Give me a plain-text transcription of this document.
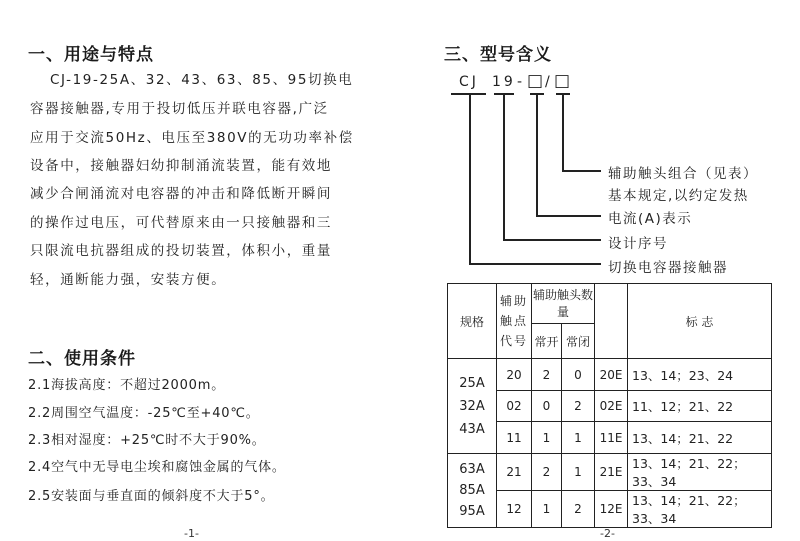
一、用途与特点
CJ-19-25A、32、43、63、85、95切换电
容器接触器,专用于投切低压并联电容器,广泛
应用于交流50Hz、电压至380V的无功功率补偿
设备中，接触器妇幼抑制涌流装置，能有效地
减少合闸涌流对电容器的冲击和降低断开瞬间
的操作过电压，可代替原来由一只接触器和三
只限流电抗器组成的投切装置，体积小，重量
轻，通断能力强，安装方便。
二、使用条件
2.1海拔高度：不超过2000m。
2.2周围空气温度：-25℃至+40℃。
2.3相对湿度：+25℃时不大于90%。
2.4空气中无导电尘埃和腐蚀金属的气体。
2.5安装面与垂直面的倾斜度不大于5°。
三、型号含义
CJ 19 - □
/ □
辅助触头组合（见表）
基本规定,以约定发热
电流(A)表示
设计序号
切换电容器接触器
规格	辅助触点代号	辅助触头数　　量			标 志
		常开	常闭		
25A
32A
43A	20	2	0	20E	13、14；23、24
	02	0	2	02E	11、12；21、22
	11	1	1	11E	13、14；21、22
63A
85A
95A	21	2	1	21E	13、14；21、22；33、34
	12	1	2	12E	13、14；21、22；33、34
-1-	-2-
